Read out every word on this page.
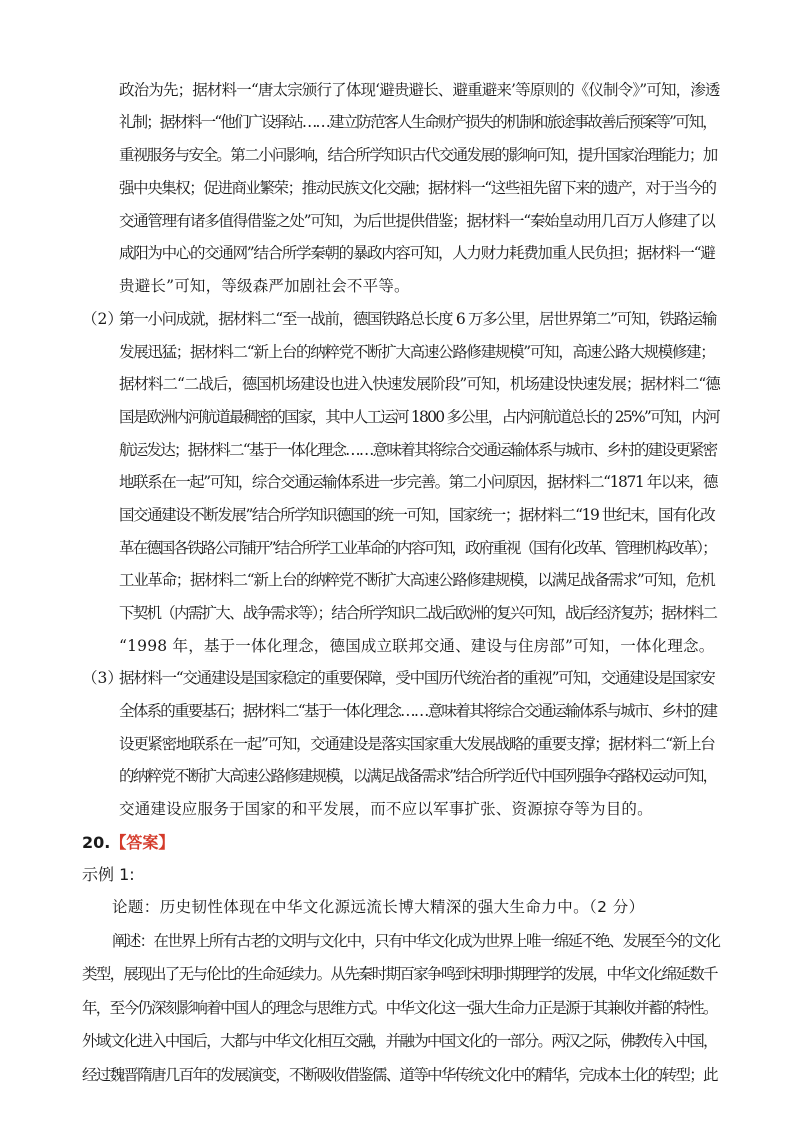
政治为先；据材料一“唐太宗颁行了体现‘避贵避长、避重避来’等原则的《仪制令》”可知，渗透
礼制；据材料一“他们广设驿站……建立防范客人生命财产损失的机制和旅途事故善后预案等”可知，
重视服务与安全。第二小问影响，结合所学知识古代交通发展的影响可知，提升国家治理能力；加
强中央集权；促进商业繁荣；推动民族文化交融；据材料一“这些祖先留下来的遗产，对于当今的
交通管理有诸多值得借鉴之处”可知，为后世提供借鉴；据材料一“秦始皇动用几百万人修建了以
咸阳为中心的交通网”结合所学秦朝的暴政内容可知，人力财力耗费加重人民负担；据材料一“避
贵避长”可知，等级森严加剧社会不平等。
（2）
第一小问成就，据材料二“至一战前，德国铁路总长度 6 万多公里，居世界第二”可知，铁路运输
发展迅猛；据材料二“新上台的纳粹党不断扩大高速公路修建规模”可知，高速公路大规模修建；
据材料二“二战后，德国机场建设也进入快速发展阶段”可知，机场建设快速发展；据材料二“德
国是欧洲内河航道最稠密的国家，其中人工运河 1800 多公里，占内河航道总长的 25%”可知，内河
航运发达；据材料二“基于一体化理念……意味着其将综合交通运输体系与城市、乡村的建设更紧密
地联系在一起”可知，综合交通运输体系进一步完善。第二小问原因，据材料二“1871 年以来，德
国交通建设不断发展”结合所学知识德国的统一可知，国家统一；据材料二“19 世纪末，国有化改
革在德国各铁路公司铺开”结合所学工业革命的内容可知，政府重视（国有化改革、管理机构改革）；
工业革命；据材料二“新上台的纳粹党不断扩大高速公路修建规模，以满足战备需求”可知，危机
下契机（内需扩大、战争需求等）；结合所学知识二战后欧洲的复兴可知，战后经济复苏；据材料二
“1998 年，基于一体化理念，德国成立联邦交通、建设与住房部”可知，一体化理念。
（3）
据材料一“交通建设是国家稳定的重要保障，受中国历代统治者的重视”可知，交通建设是国家安
全体系的重要基石；据材料二“基于一体化理念……意味着其将综合交通运输体系与城市、乡村的建
设更紧密地联系在一起”可知，交通建设是落实国家重大发展战略的重要支撑；据材料二“新上台
的纳粹党不断扩大高速公路修建规模，以满足战备需求”结合所学近代中国列强争夺路权运动可知，
交通建设应服务于国家的和平发展，而不应以军事扩张、资源掠夺等为目的。
20.【答案】
示例 1:
论题：历史韧性体现在中华文化源远流长博大精深的强大生命力中。（2 分）
阐述：在世界上所有古老的文明与文化中，只有中华文化成为世界上唯一绵延不绝、发展至今的文化
类型，展现出了无与伦比的生命延续力。从先秦时期百家争鸣到宋明时期理学的发展，中华文化绵延数千
年，至今仍深刻影响着中国人的理念与思维方式。中华文化这一强大生命力正是源于其兼收并蓄的特性。
外域文化进入中国后，大都与中华文化相互交融，并融为中国文化的一部分。两汉之际，佛教传入中国，
经过魏晋隋唐几百年的发展演变，不断吸收借鉴儒、道等中华传统文化中的精华，完成本土化的转型；此
